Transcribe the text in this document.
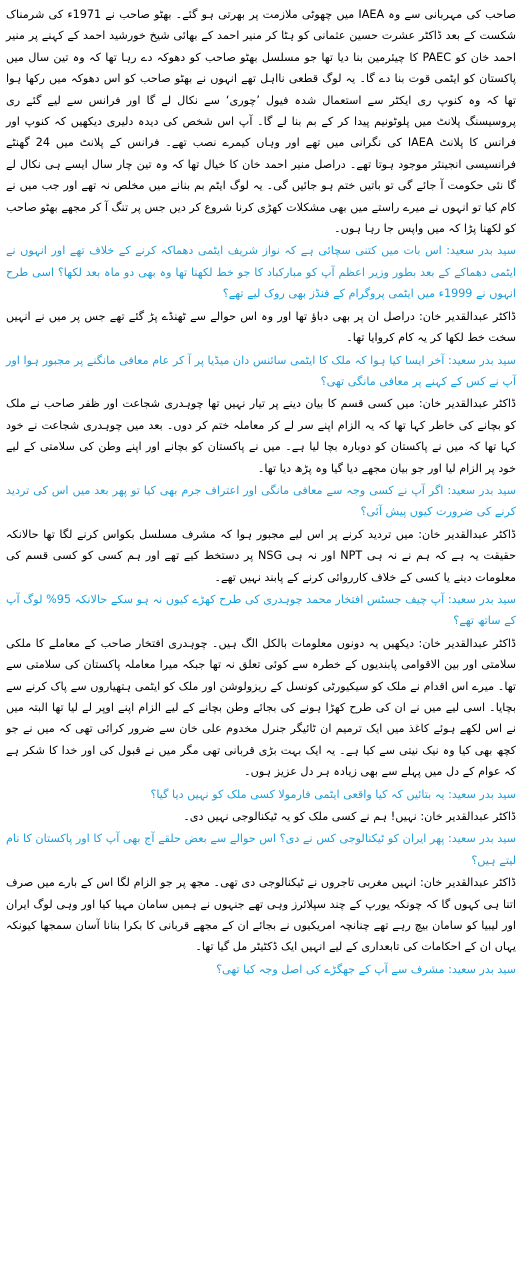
صاحب کی مہربانی سے وہ IAEA میں چھوٹی ملازمت پر بھرتی ہو گئے۔ بھٹو صاحب نے 1971ء کی شرمناک شکست کے بعد ڈاکٹر عشرت حسین عثمانی کو ہٹا کر منیر احمد کے بھائی شیخ خورشید احمد کے کہنے پر منیر احمد خان کو PAEC کا چیئرمین بنا دیا تھا جو مسلسل بھٹو صاحب کو دھوکہ دے رہا تھا کہ وہ تین سال میں پاکستان کو ایٹمی قوت بنا دے گا۔ یہ لوگ قطعی نااہل تھے انہوں نے بھٹو صاحب کو اس دھوکہ میں رکھا ہوا تھا کہ وہ کنوپ ری ایکٹر سے استعمال شدہ فیول ’چوری‘ سے نکال لے گا اور فرانس سے لیے گئے ری پروسیسنگ پلانٹ میں پلوٹونیم پیدا کر کے بم بنا لے گا۔ آپ اس شخص کی دیدہ دلیری دیکھیں کہ کنوپ اور فرانس کا پلانٹ IAEA کی نگرانی میں تھے اور وہاں کیمرے نصب تھے۔ فرانس کے پلانٹ میں 24 گھنٹے فرانسیسی انجینئر موجود ہوتا تھے۔ دراصل منیر احمد خان کا خیال تھا کہ وہ تین چار سال ایسے ہی نکال لے گا نئی حکومت آ جائے گی تو باتیں ختم ہو جائیں گی۔ یہ لوگ ایٹم بم بنانے میں مخلص نہ تھے اور جب میں نے کام کیا تو انہوں نے میرے راستے میں بھی مشکلات کھڑی کرنا شروع کر دیں جس پر تنگ آ کر مجھے بھٹو صاحب کو لکھنا پڑا کہ میں واپس جا رہا ہوں۔

سید بدر سعید: اس بات میں کتنی سچائی ہے کہ نواز شریف ایٹمی دھماکہ کرنے کے خلاف تھے اور انہوں نے ایٹمی دھماکے کے بعد بطور وزیر اعظم آپ کو مبارکباد کا جو خط لکھنا تھا وہ بھی دو ماہ بعد لکھا؟ اسی طرح انہوں نے 1999ء میں ایٹمی پروگرام کے فنڈز بھی روک لیے تھے؟

ڈاکٹر عبدالقدیر خان: دراصل ان پر بھی دباؤ تھا اور وہ اس حوالے سے ٹھنڈے پڑ گئے تھے جس پر میں نے انہیں سخت خط لکھا کر یہ کام کروایا تھا۔

سید بدر سعید: آخر ایسا کیا ہوا کہ ملک کا ایٹمی سائنس دان میڈیا پر آ کر عام معافی مانگنے پر مجبور ہوا اور آپ نے کس کے کہنے پر معافی مانگی تھی؟

ڈاکٹر عبدالقدیر خان: میں کسی قسم کا بیان دینے پر تیار نہیں تھا چوہدری شجاعت اور ظفر صاحب نے ملک کو بچانے کی خاطر کہا تھا کہ یہ الزام اپنے سر لے کر معاملہ ختم کر دوں۔ بعد میں چوہدری شجاعت نے خود کہا تھا کہ میں نے پاکستان کو دوبارہ بچا لیا ہے۔ میں نے پاکستان کو بچانے اور اپنے وطن کی سلامتی کے لیے خود پر الزام لیا اور جو بیان مجھے دیا گیا وہ پڑھ دیا تھا۔

سید بدر سعید: اگر آپ نے کسی وجہ سے معافی مانگی اور اعتراف جرم بھی کیا تو پھر بعد میں اس کی تردید کرنے کی ضرورت کیوں پیش آئی؟

ڈاکٹر عبدالقدیر خان: میں تردید کرنے پر اس لیے مجبور ہوا کہ مشرف مسلسل بکواس کرنے لگا تھا حالانکہ حقیقت یہ ہے کہ ہم نے نہ ہی NPT اور نہ ہی NSG پر دستخط کیے تھے اور ہم کسی کو کسی قسم کی معلومات دینے یا کسی کے خلاف کارروائی کرنے کے پابند نہیں تھے۔

سید بدر سعید: آپ چیف جسٹس افتخار محمد چوہدری کی طرح کھڑے کیوں نہ ہو سکے حالانکہ 95% لوگ آپ کے ساتھ تھے؟

ڈاکٹر عبدالقدیر خان: دیکھیں یہ دونوں معلومات بالکل الگ ہیں۔ چوہدری افتخار صاحب کے معاملے کا ملکی سلامتی اور بین الاقوامی پابندیوں کے خطرہ سے کوئی تعلق نہ تھا جبکہ میرا معاملہ پاکستان کی سلامتی سے تھا۔ میرے اس اقدام نے ملک کو سیکیورٹی کونسل کے ریزولوشن اور ملک کو ایٹمی ہتھیاروں سے پاک کرنے سے بچایا۔ اسی لیے میں نے ان کی طرح کھڑا ہونے کی بجائے وطن بچانے کے لیے الزام اپنے اوپر لے لیا تھا البتہ میں نے اس لکھے ہوئے کاغذ میں ایک ترمیم ان ٹائیگر جنرل مخدوم علی خان سے ضرور کرائی تھی کہ میں نے جو کچھ بھی کیا وہ نیک نیتی سے کیا ہے۔ یہ ایک بہت بڑی قربانی تھی مگر میں نے قبول کی اور خدا کا شکر ہے کہ عوام کے دل میں پہلے سے بھی زیادہ ہر دل عزیز ہوں۔

سید بدر سعید: یہ بتائیں کہ کیا واقعی ایٹمی فارمولا کسی ملک کو نہیں دیا گیا؟

ڈاکٹر عبدالقدیر خان: نہیں! ہم نے کسی ملک کو یہ ٹیکنالوجی نہیں دی۔

سید بدر سعید: پھر ایران کو ٹیکنالوجی کس نے دی؟ اس حوالے سے بعض حلقے آج بھی آپ کا اور پاکستان کا نام لیتے ہیں؟

ڈاکٹر عبدالقدیر خان: انہیں مغربی تاجروں نے ٹیکنالوجی دی تھی۔ مجھ پر جو الزام لگا اس کے بارے میں صرف اتنا ہی کہوں گا کہ چونکہ یورپ کے چند سپلائرز وہی تھے جنہوں نے ہمیں سامان مہیا کیا اور وہی لوگ ایران اور لیبیا کو سامان بیچ رہے تھے چنانچہ امریکیوں نے بجائے ان کے مجھے قربانی کا بکرا بنانا آسان سمجھا کیونکہ یہاں ان کے احکامات کی تابعداری کے لیے انہیں ایک ڈکٹیٹر مل گیا تھا۔

سید بدر سعید: مشرف سے آپ کے جھگڑے کی اصل وجہ کیا تھی؟
